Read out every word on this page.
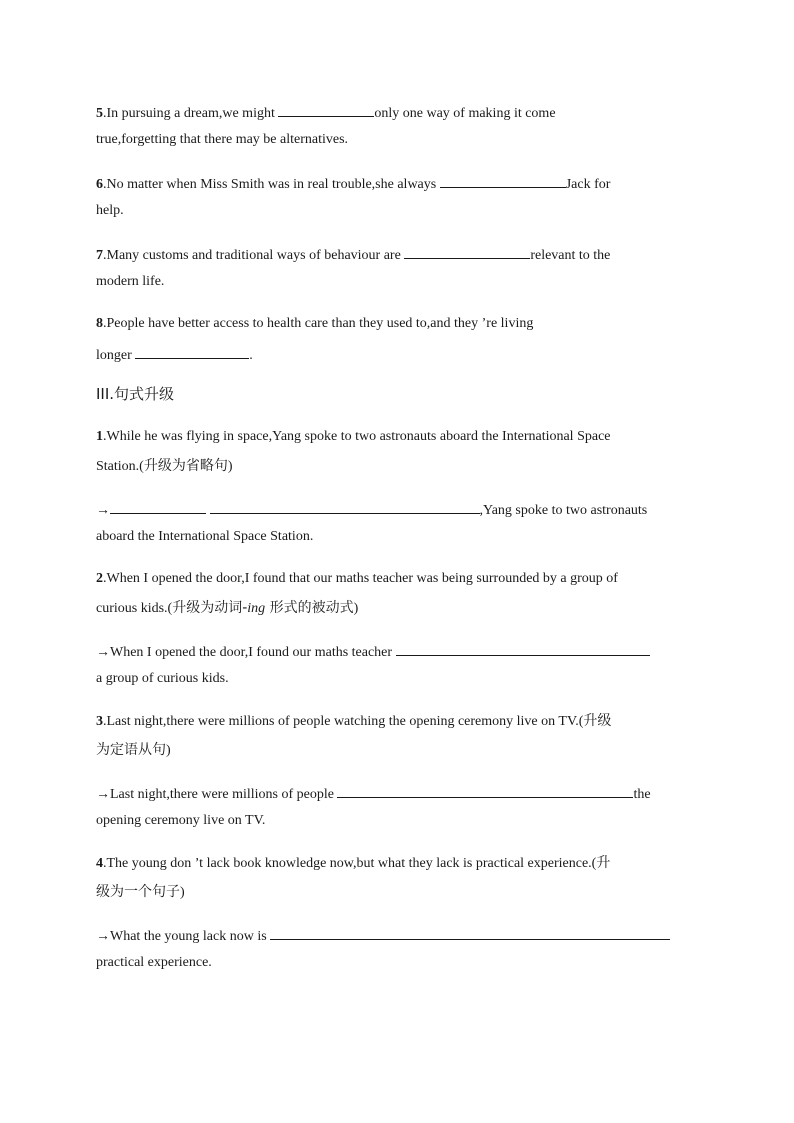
5.In pursuing a dream,we might	only one way of making it come
true,forgetting that there may be alternatives.
6.No matter when Miss Smith was in real trouble,she always	Jack for
help.
7.Many customs and traditional ways of behaviour are	relevant to the
modern life.
8.People have better access to health care than they used to,and they ’re living
longer	.
III.句式升级
1.While he was flying in space,Yang spoke to two astronauts aboard the International Space
Station.(升级为省略句)
→	,Yang spoke to two astronauts
aboard the International Space Station.
2.When I opened the door,I found that our maths teacher was being surrounded by a group of
curious kids.(升级为动词-ing 形式的被动式)
→When I opened the door,I found our maths teacher
a group of curious kids.
3.Last night,there were millions of people watching the opening ceremony live on TV.(升级
为定语从句)
→Last night,there were millions of people	the
opening ceremony live on TV.
4.The young don ’t lack book knowledge now,but what they lack is practical experience.(升
级为一个句子)
→What the young lack now is
practical experience.
